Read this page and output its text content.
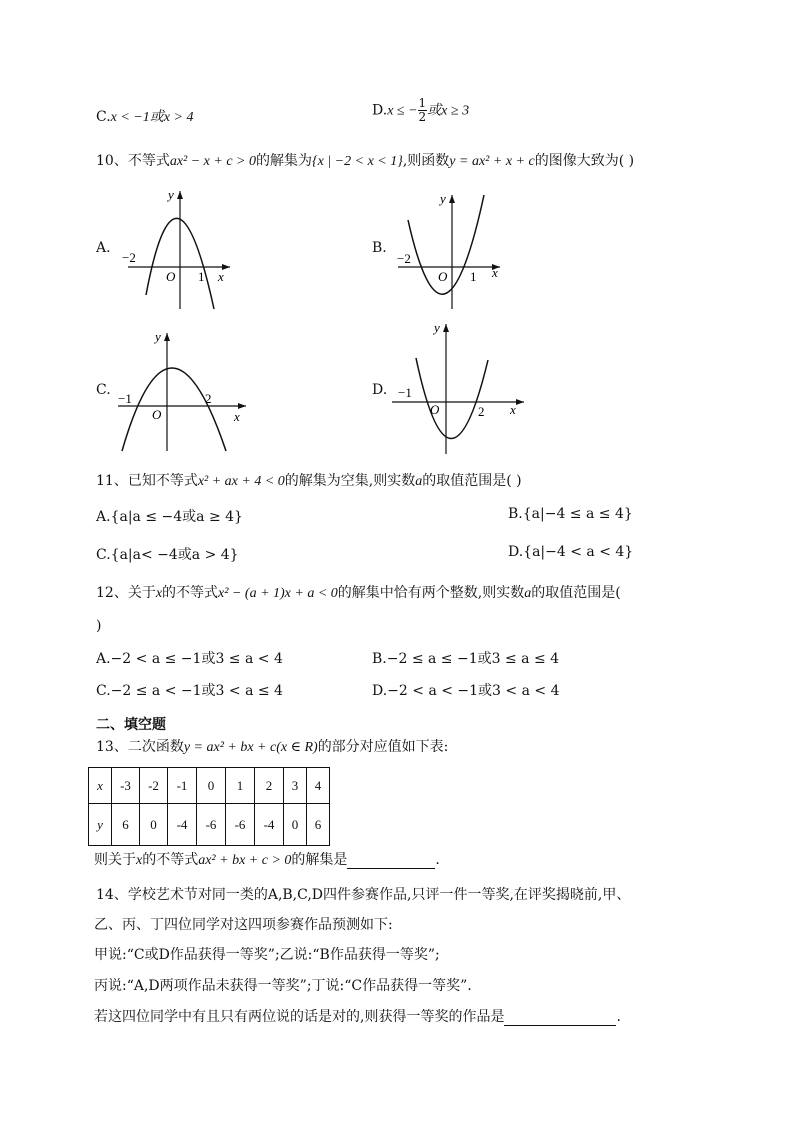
C.x < −1或x > 4	D.x ≤ − $\frac{1}{2}$ 或x ≥ 3
10、不等式ax² − x + c > 0的解集为{x | −2 < x < 1},则函数y = ax² + x + c的图像大致为( )
A.
y
x
O
−2
1
B.
y
x
O
−2
1
C.
y
x
O
−1	2
D.
y
x
O
−1
2
11、已知不等式x² + ax + 4 < 0的解集为空集,则实数a的取值范围是( )
A.{a|a ≤ −4或a ≥ 4}	B.{a|−4 ≤ a ≤ 4}
C.{a|a< −4或a > 4}	D.{a|−4 < a < 4}
12、关于x的不等式x² − (a + 1)x + a < 0的解集中恰有两个整数,则实数a的取值范围是(
)
A.−2 < a ≤ −1或3 ≤ a < 4	B.−2 ≤ a ≤ −1或3 ≤ a ≤ 4
C.−2 ≤ a < −1或3 < a ≤ 4	D.−2 < a < −1或3 < a < 4
二、填空题
13、二次函数y = ax² + bx + c(x ∈ R)的部分对应值如下表:
x	-3	-2	-1	0	1	2	3	4
y	6	0	-4	-6	-6	-4	0	6
则关于x的不等式ax² + bx + c > 0的解集是	.
14、学校艺术节对同一类的A,B,C,D四件参赛作品,只评一件一等奖,在评奖揭晓前,甲、
乙、丙、丁四位同学对这四项参赛作品预测如下:
甲说:“C或D作品获得一等奖”;乙说:“B作品获得一等奖”;
丙说:“A,D两项作品未获得一等奖”;丁说:“C作品获得一等奖”.
若这四位同学中有且只有两位说的话是对的,则获得一等奖的作品是	.
